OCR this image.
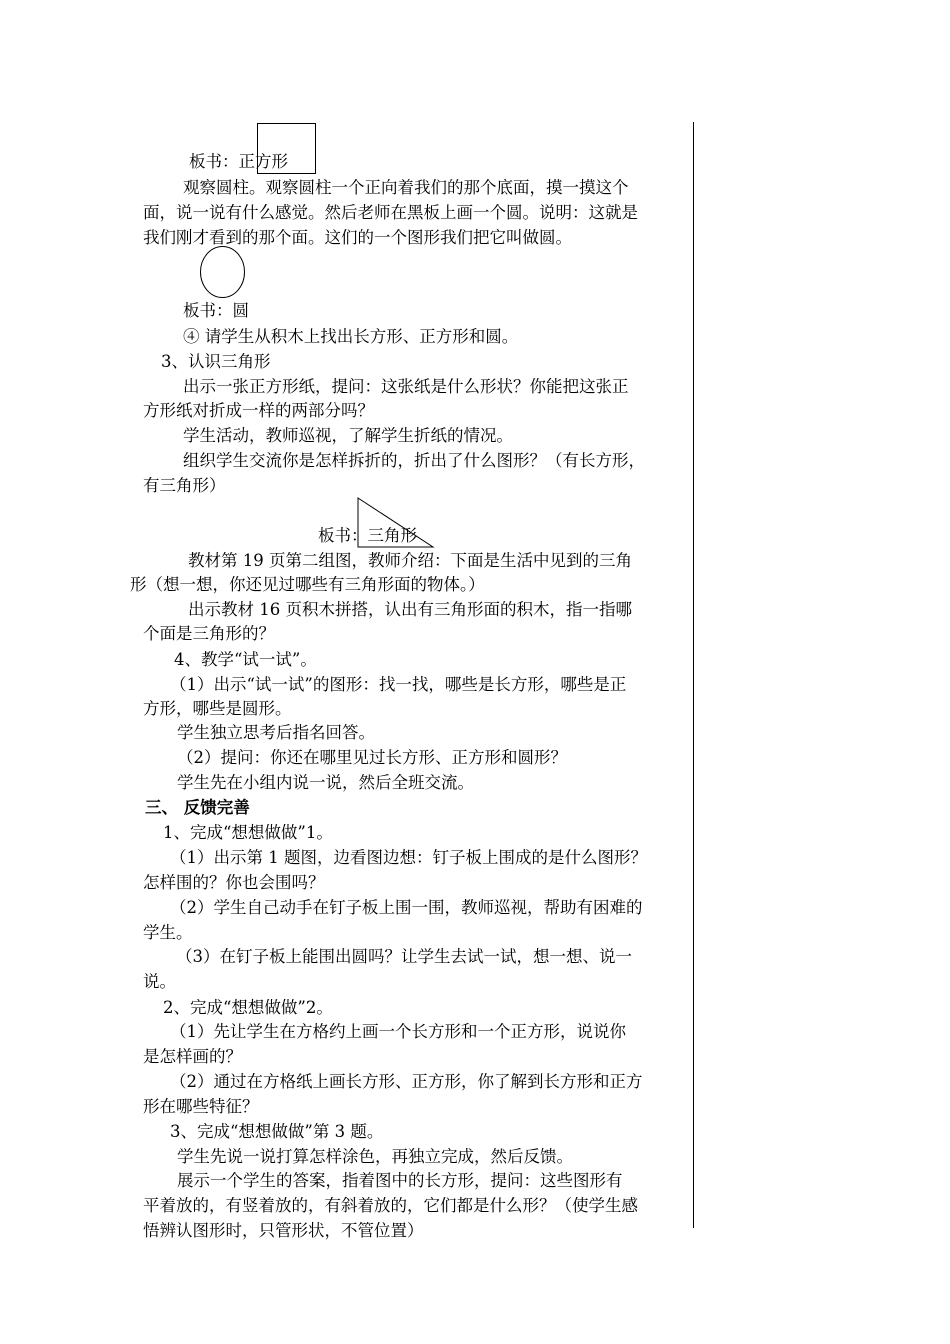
板书：正方形
观察圆柱。观察圆柱一个正向着我们的那个底面，摸一摸这个
面，说一说有什么感觉。然后老师在黑板上画一个圆。说明：这就是
我们刚才看到的那个面。这们的一个图形我们把它叫做圆。
板书：圆
④ 请学生从积木上找出长方形、正方形和圆。
3、认识三角形
出示一张正方形纸，提问：这张纸是什么形状？你能把这张正
方形纸对折成一样的两部分吗？
学生活动，教师巡视，了解学生折纸的情况。
组织学生交流你是怎样拆折的，折出了什么图形？（有长方形，
有三角形）
板书：三角形
教材第 19 页第二组图，教师介绍：下面是生活中见到的三角
形（想一想，你还见过哪些有三角形面的物体。）
出示教材 16 页积木拼搭，认出有三角形面的积木，指一指哪
个面是三角形的？
4、教学“试一试”。
（1）出示“试一试”的图形：找一找，哪些是长方形，哪些是正
方形，哪些是圆形。
学生独立思考后指名回答。
（2）提问：你还在哪里见过长方形、正方形和圆形？
学生先在小组内说一说，然后全班交流。
三、 反馈完善
1、完成“想想做做”1。
（1）出示第 1 题图，边看图边想：钉子板上围成的是什么图形？
怎样围的？你也会围吗？
（2）学生自己动手在钉子板上围一围，教师巡视，帮助有困难的
学生。
（3）在钉子板上能围出圆吗？让学生去试一试，想一想、说一
说。
2、完成“想想做做”2。
（1）先让学生在方格约上画一个长方形和一个正方形，说说你
是怎样画的？
（2）通过在方格纸上画长方形、正方形，你了解到长方形和正方
形在哪些特征？
3、完成“想想做做”第 3 题。
学生先说一说打算怎样涂色，再独立完成，然后反馈。
展示一个学生的答案，指着图中的长方形，提问：这些图形有
平着放的，有竖着放的，有斜着放的，它们都是什么形？（使学生感
悟辨认图形时，只管形状，不管位置）
